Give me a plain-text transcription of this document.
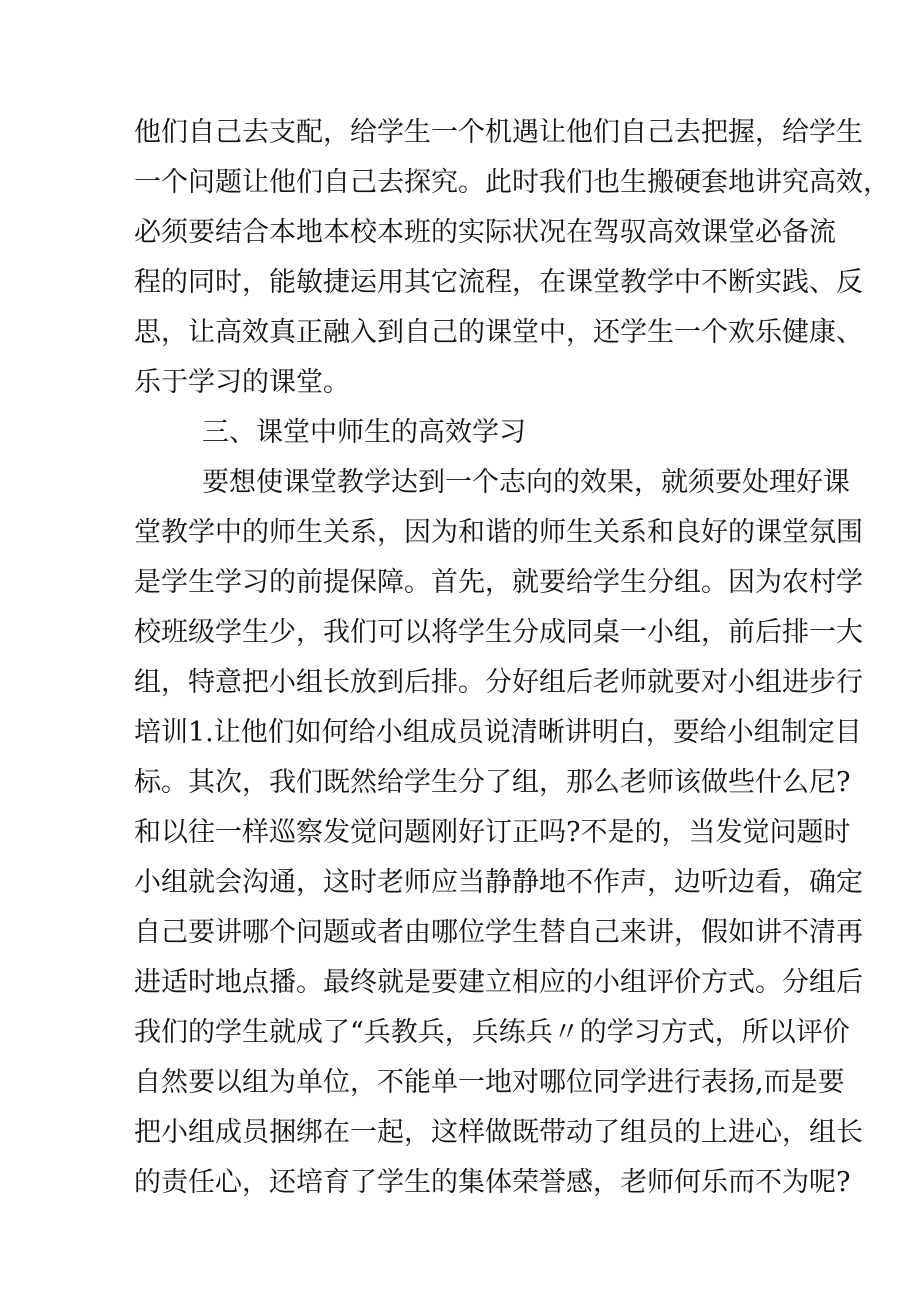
他们自己去支配，给学生一个机遇让他们自己去把握，给学生
一个问题让他们自己去探究。此时我们也生搬硬套地讲究高效，
必须要结合本地本校本班的实际状况在驾驭高效课堂必备流
程的同时，能敏捷运用其它流程，在课堂教学中不断实践、反
思，让高效真正融入到自己的课堂中，还学生一个欢乐健康、
乐于学习的课堂。
三、课堂中师生的高效学习
要想使课堂教学达到一个志向的效果，就须要处理好课
堂教学中的师生关系，因为和谐的师生关系和良好的课堂氛围
是学生学习的前提保障。首先，就要给学生分组。因为农村学
校班级学生少，我们可以将学生分成同桌一小组，前后排一大
组，特意把小组长放到后排。分好组后老师就要对小组进步行
培训1.让他们如何给小组成员说清晰讲明白，要给小组制定目
标。其次，我们既然给学生分了组，那么老师该做些什么尼?
和以往一样巡察发觉问题刚好订正吗?不是的，当发觉问题时
小组就会沟通，这时老师应当静静地不作声，边听边看，确定
自己要讲哪个问题或者由哪位学生替自己来讲，假如讲不清再
进适时地点播。最终就是要建立相应的小组评价方式。分组后
我们的学生就成了“兵教兵，兵练兵〃的学习方式，所以评价
自然要以组为单位，不能单一地对哪位同学进行表扬,而是要
把小组成员捆绑在一起，这样做既带动了组员的上进心，组长
的责任心，还培育了学生的集体荣誉感，老师何乐而不为呢?
